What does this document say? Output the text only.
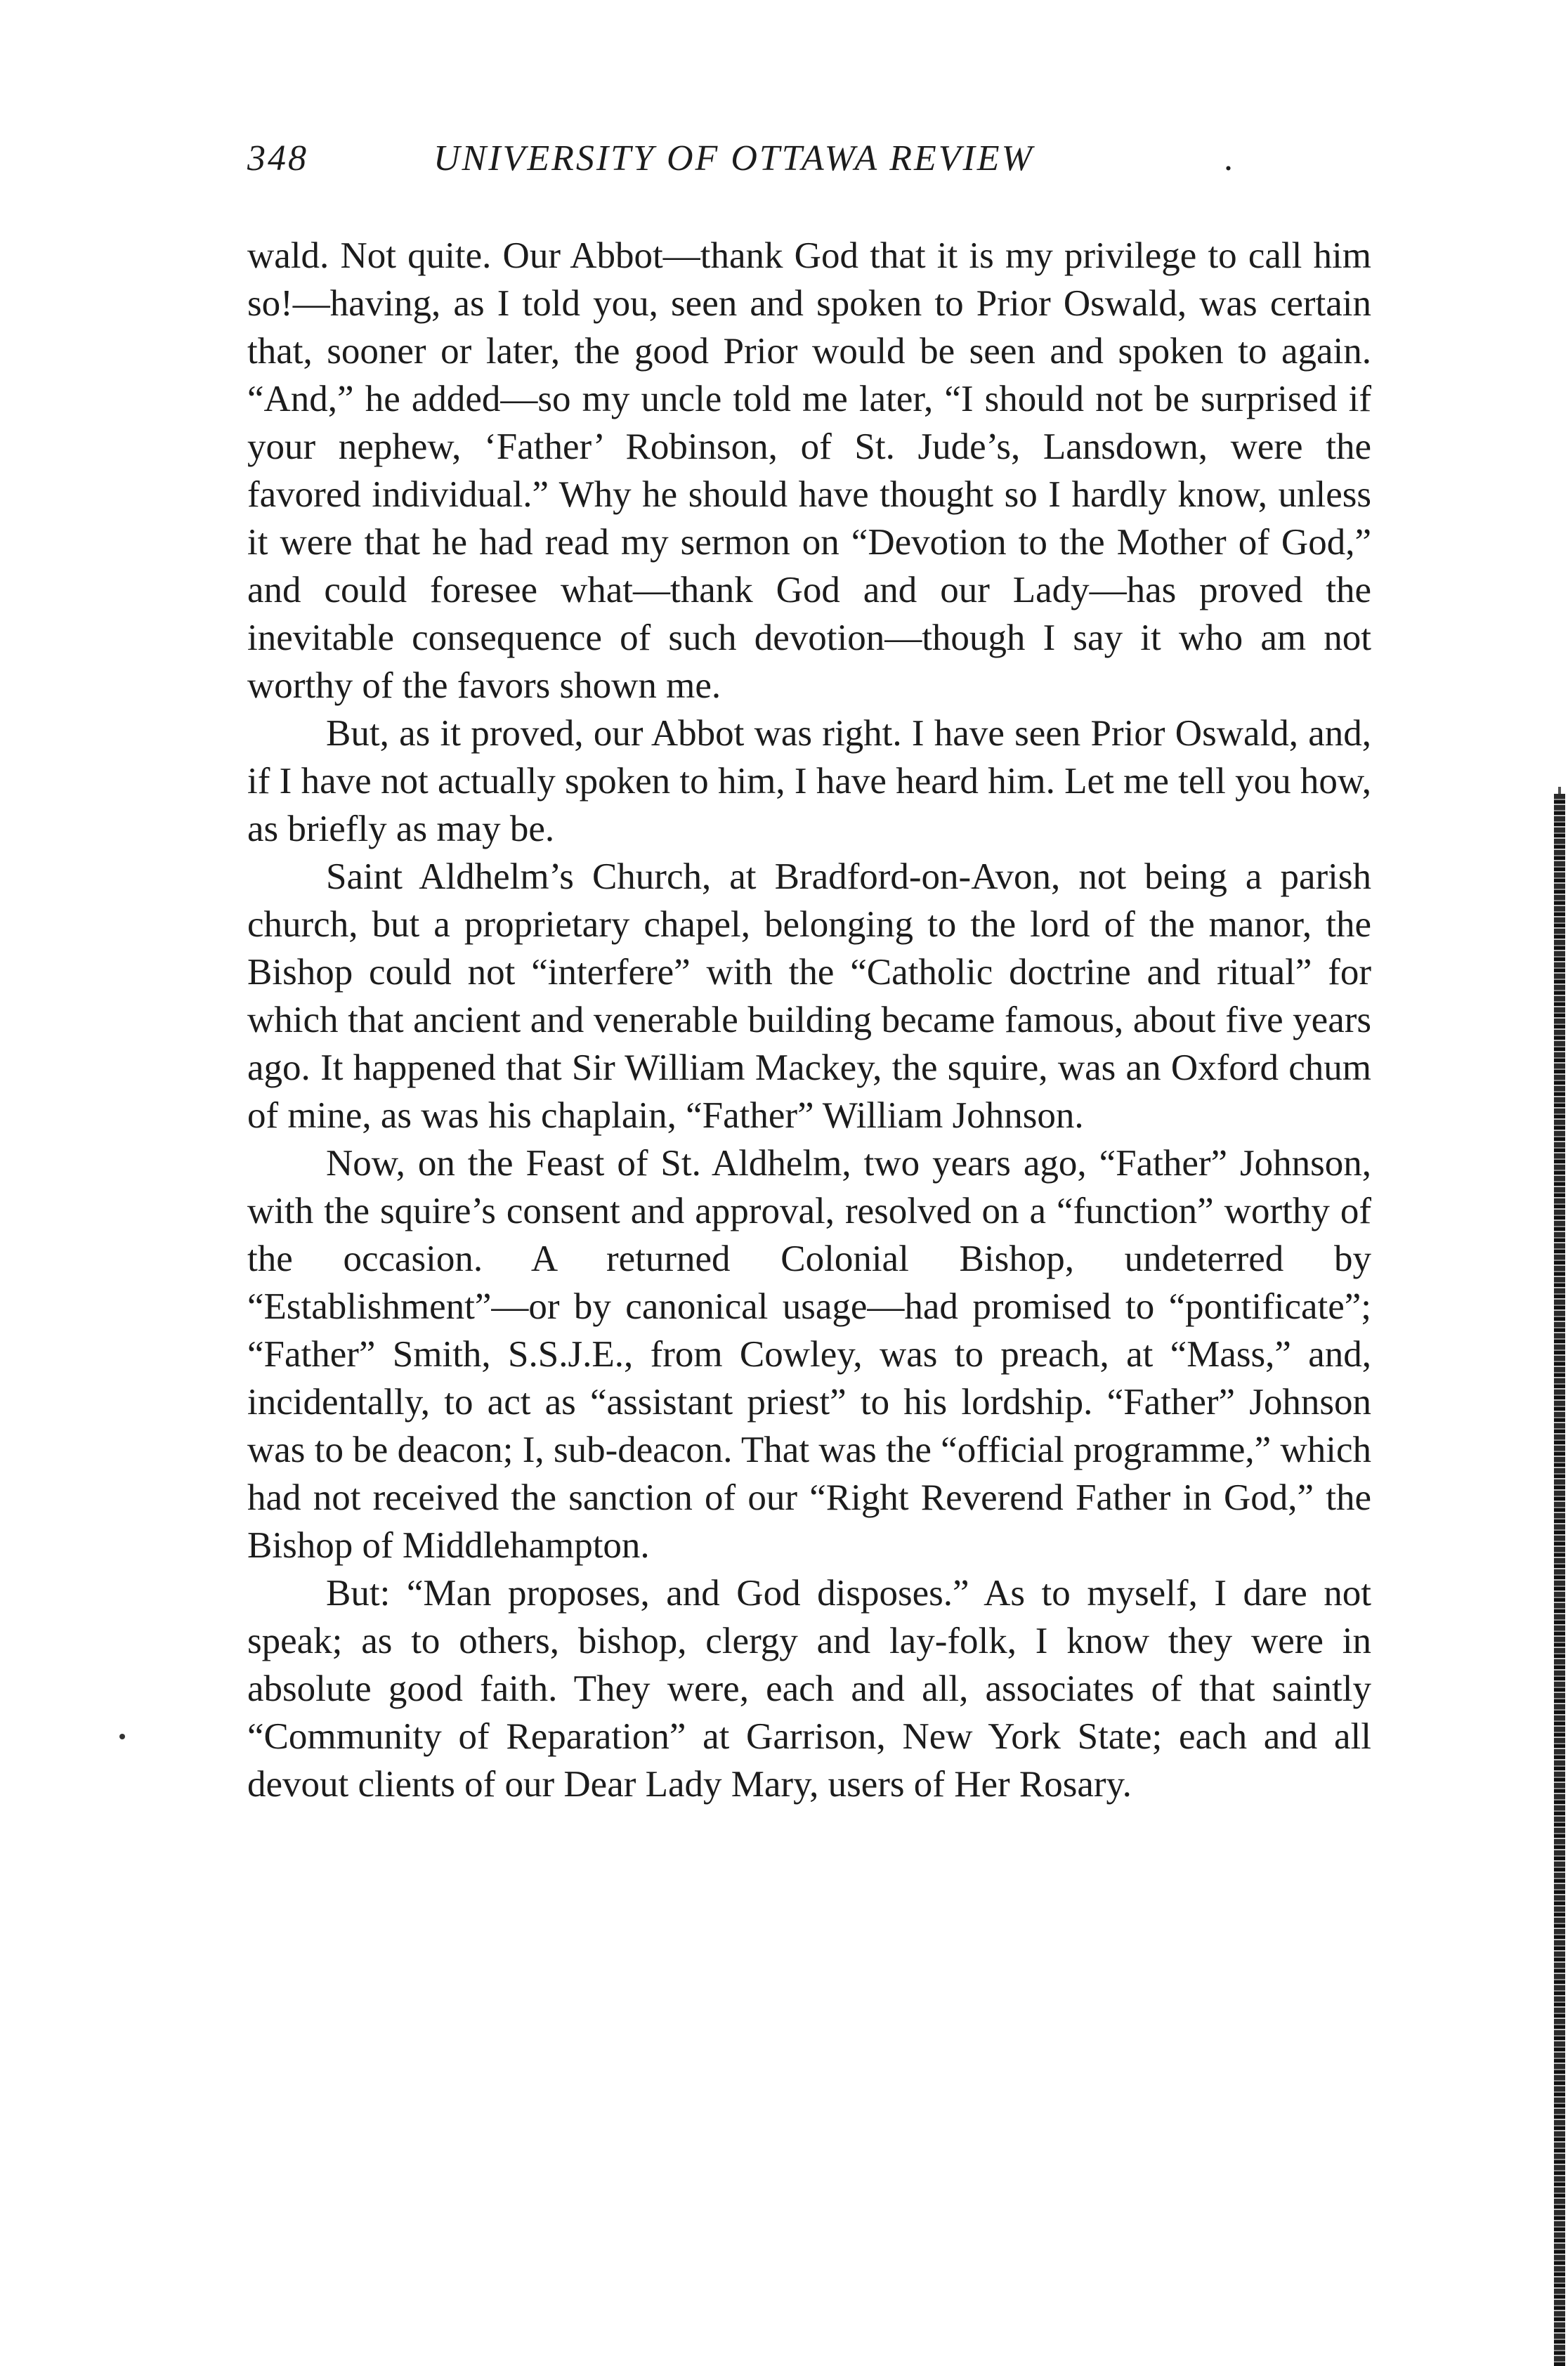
348	UNIVERSITY OF OTTAWA REVIEW	.

wald. Not quite. Our Abbot—thank God that it is my privilege to call him so!—having, as I told you, seen and spoken to Prior Oswald, was certain that, sooner or later, the good Prior would be seen and spoken to again. “And,” he added—so my uncle told me later, “I should not be surprised if your nephew, ‘Father’ Robinson, of St. Jude’s, Lansdown, were the favored individual.” Why he should have thought so I hardly know, unless it were that he had read my sermon on “Devotion to the Mother of God,” and could foresee what—thank God and our Lady—has proved the inevitable consequence of such devotion—though I say it who am not worthy of the favors shown me.

But, as it proved, our Abbot was right. I have seen Prior Oswald, and, if I have not actually spoken to him, I have heard him. Let me tell you how, as briefly as may be.

Saint Aldhelm’s Church, at Bradford-on-Avon, not being a parish church, but a proprietary chapel, belonging to the lord of the manor, the Bishop could not “interfere” with the “Catholic doctrine and ritual” for which that ancient and venerable building became famous, about five years ago. It happened that Sir William Mackey, the squire, was an Oxford chum of mine, as was his chaplain, “Father” William Johnson.

Now, on the Feast of St. Aldhelm, two years ago, “Father” Johnson, with the squire’s consent and approval, resolved on a “function” worthy of the occasion. A returned Colonial Bishop, undeterred by “Establishment”—or by canonical usage—had promised to “pontificate”; “Father” Smith, S.S.J.E., from Cowley, was to preach, at “Mass,” and, incidentally, to act as “assistant priest” to his lordship. “Father” Johnson was to be deacon; I, sub-deacon. That was the “official programme,” which had not received the sanction of our “Right Reverend Father in God,” the Bishop of Middlehampton.

But: “Man proposes, and God disposes.” As to myself, I dare not speak; as to others, bishop, clergy and lay-folk, I know they were in absolute good faith. They were, each and all, associates of that saintly “Community of Reparation” at Garrison, New York State; each and all devout clients of our Dear Lady Mary, users of Her Rosary.
